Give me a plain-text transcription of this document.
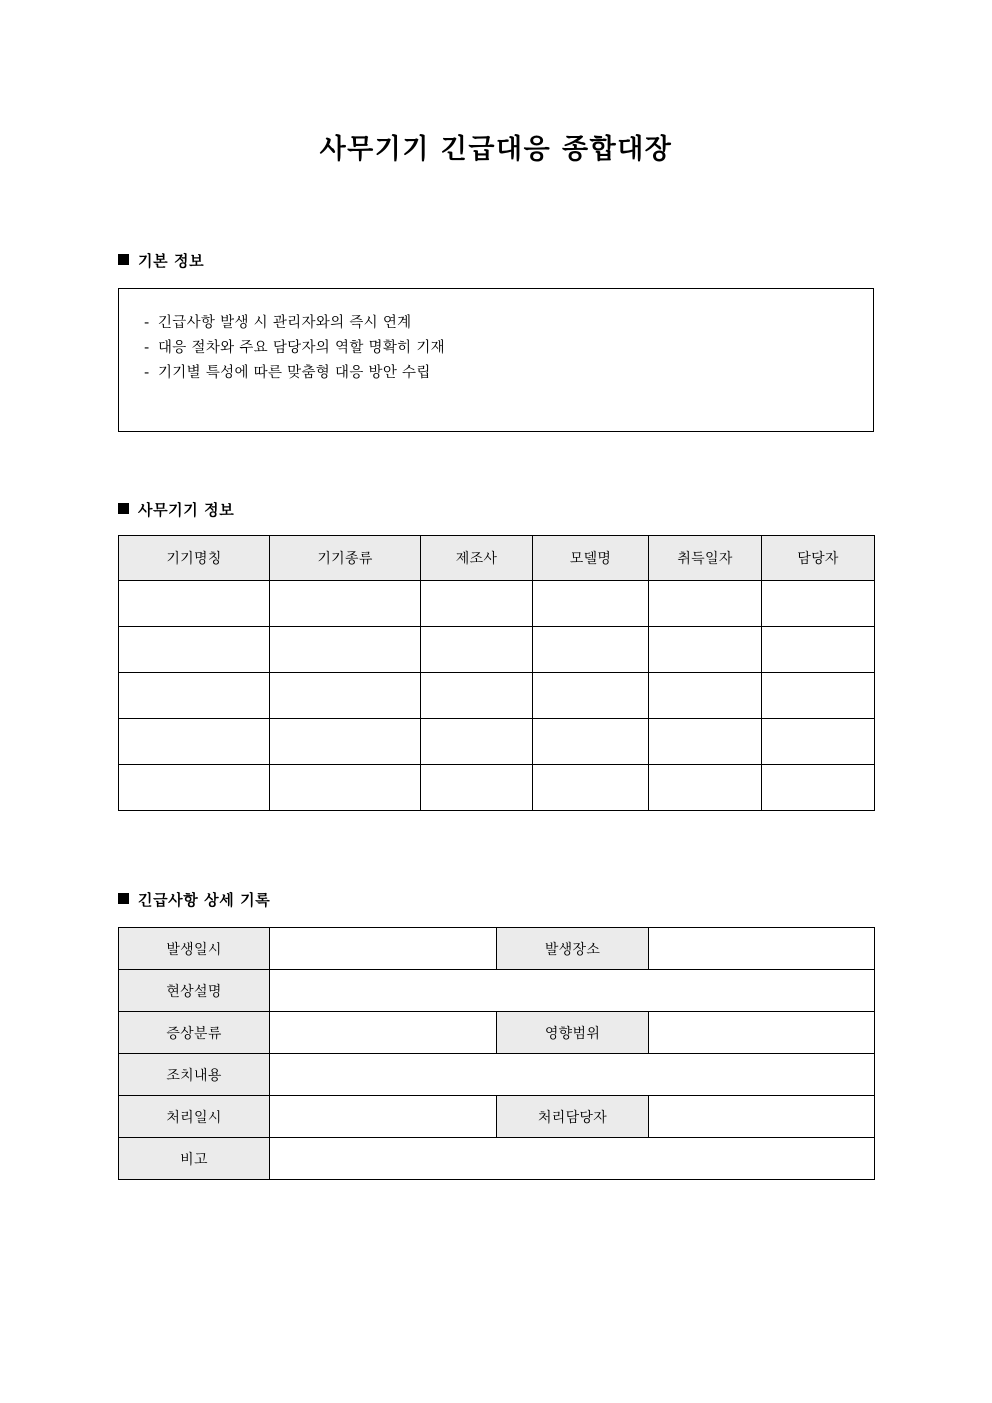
사무기기 긴급대응 종합대장
기본 정보
- 긴급사항 발생 시 관리자와의 즉시 연계
- 대응 절차와 주요 담당자의 역할 명확히 기재
- 기기별 특성에 따른 맞춤형 대응 방안 수립
사무기기 정보
기기명칭	기기종류	제조사	모델명	취득일자	담당자

긴급사항 상세 기록
발생일시		발생장소	
현상설명			
증상분류		영향범위	
조치내용			
처리일시		처리담당자	
비고			
